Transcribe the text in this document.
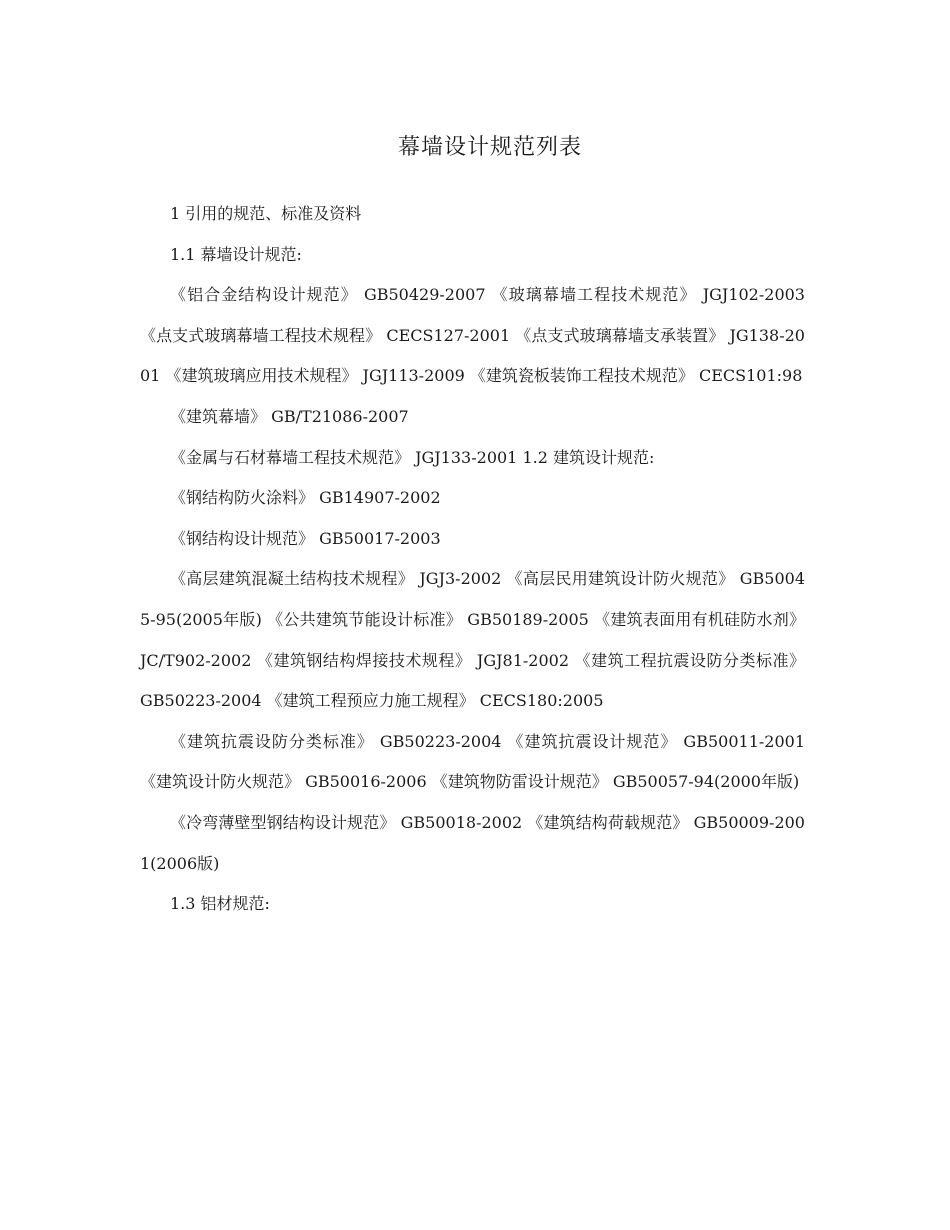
幕墙设计规范列表

1 引用的规范、标准及资料

1.1 幕墙设计规范:

《铝合金结构设计规范》 GB50429-2007 《玻璃幕墙工程技术规范》 JGJ102-2003 《点支式玻璃幕墙工程技术规程》 CECS127-2001 《点支式玻璃幕墙支承装置》 JG138-2001 《建筑玻璃应用技术规程》 JGJ113-2009 《建筑瓷板装饰工程技术规范》 CECS101:98

《建筑幕墙》 GB/T21086-2007

《金属与石材幕墙工程技术规范》 JGJ133-2001 1.2 建筑设计规范:

《钢结构防火涂料》 GB14907-2002

《钢结构设计规范》 GB50017-2003

《高层建筑混凝土结构技术规程》 JGJ3-2002 《高层民用建筑设计防火规范》 GB50045-95(2005年版) 《公共建筑节能设计标准》 GB50189-2005 《建筑表面用有机硅防水剂》 JC/T902-2002 《建筑钢结构焊接技术规程》 JGJ81-2002 《建筑工程抗震设防分类标准》 GB50223-2004 《建筑工程预应力施工规程》 CECS180:2005

《建筑抗震设防分类标准》 GB50223-2004 《建筑抗震设计规范》 GB50011-2001 《建筑设计防火规范》 GB50016-2006 《建筑物防雷设计规范》 GB50057-94(2000年版)

《冷弯薄壁型钢结构设计规范》 GB50018-2002 《建筑结构荷载规范》 GB50009-2001(2006版)

1.3 铝材规范:
